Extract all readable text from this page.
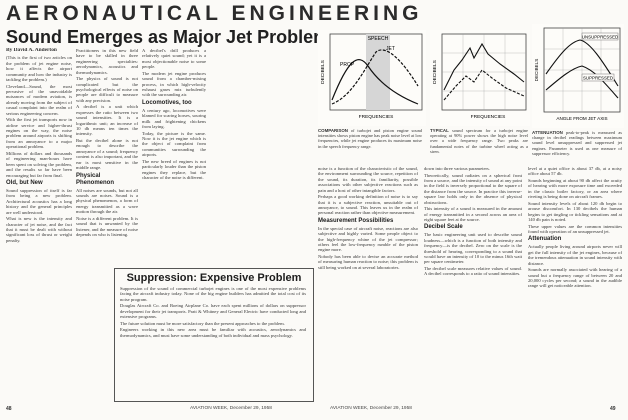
AERONAUTICAL ENGINEERING
Sound Emerges as Major Jet Problem
By David A. Anderton

(This is the first of two articles on the problem of jet engine noise, how it affects the airport community and how the industry is tackling the problem.)

Cleveland—Sound, the most pervasive of the unavoidable nuisances of modern aviation, is already moving from the subject of casual complaint into the realm of serious engineering concern.

With the first jet transports now in airline service and higher-thrust engines on the way, the noise problem around airports is shifting from an annoyance to a major operational problem.

Millions of dollars and thousands of engineering man-hours have been spent on solving the problem, and the results so far have been encouraging but far from final.

Old, but New

Sound suppression of itself is far from being a new problem. Architectural acoustics has a long history and the general principles are well understood.

What is new is the intensity and character of jet noise, and the fact that it must be dealt with without significant loss of thrust or weight penalty.

Practitioners in this new field have to be skilled in three engineering specialties: aerodynamics, acoustics and thermodynamics.

The physics of sound is not complicated but the psychological effects of noise on people are difficult to measure with any precision.

A decibel is a unit which expresses the ratio between two sound intensities. It is a logarithmic unit; an increase of 10 db means ten times the intensity.

But the decibel alone is not enough to describe the annoyance of a sound; frequency content is also important, and the ear is most sensitive in the middle range.

Physical Phenomenon

All noises are sounds, but not all sounds are noises. Sound is a physical phenomenon, a form of energy transmitted as a wave motion through the air.

Noise is a different problem. It is sound that is unwanted by the listener, and the measure of noise depends on who is listening.

A decibel's drill produces a relatively quiet sound; yet it is a most objectionable noise to some people.

The modern jet engine produces sound from a chamber-mixing process, in which high-velocity exhaust gases mix turbulently with the surrounding air.

Locomotives, too

A century ago, locomotives were blamed for scaring horses, souring milk and frightening chickens from laying.

Today, the picture is the same. Now it is the jet engine which is the object of complaint from communities surrounding the airports.

The new breed of engines is not particularly louder than the piston engines they replace, but the character of the noise is different.

Suppression: Expensive Problem

Suppression of the sound of commercial turbojet engines is one of the most expensive problems facing the aircraft industry today. None of the big engine builders has admitted the total cost of its noise program.

Douglas Aircraft Co. and Boeing Airplane Co. have each spent millions of dollars on suppressor development for their jet transports. Pratt & Whitney and General Electric have conducted long and extensive programs.

The future solution must be more satisfactory than the present approaches to the problem.

Engineers working in this new area must be familiar with acoustics, aerodynamics and thermodynamics, and must have some understanding of both individual and mass psychology.

SPEECH
JET
PROP
FREQUENCIES
DECIBELS
COMPARISON of turbojet and piston engine sound intensities shows piston engine has peak noise level at low frequencies, while jet engine produces its maximum noise in the speech frequency range.
FREQUENCIES
DECIBELS
TYPICAL sound spectrum for a turbojet engine operating at 90% power shows the high noise level over a wide frequency range. Two peaks are fundamental notes of the turbine wheel acting as a siren.
UNSUPPRESSED
SUPPRESSED
ANGLE FROM JET AXIS
DECIBELS
ATTENUATION peak-to-peak is measured as change in decibel readings between maximum sound level unsuppressed and suppressed jet engines. Parameter is used as one measure of suppressor efficiency.

noise is a function of the characteristic of the sound, the environment surrounding the source, repetition of the sound, its duration, its familiarity, possible associations with other subjective reactions such as pain and a host of other intangible factors.

Perhaps a good working definition of noise is to say that it is a subjective reaction, unsuitable out of annoyance, to sound. This leaves us in the realm of personal reaction rather than objective measurement.

Measurement Possibilities

In the special case of aircraft noise, reactions are also subjective and highly varied. Some people object to the high-frequency whine of the jet compressor; others feel the low-frequency rumble of the piston engine more.

Nobody has been able to devise an accurate method of measuring human reaction to noise; this problem is still being worked on at several laboratories.

down into three various parameters.

Theoretically, sound radiates on a spherical front from a source, and the intensity of sound at any point in the field is inversely proportional to the square of the distance from the source. In practice this inverse-square law holds only in the absence of physical obstructions.

This intensity of a sound is measured in the amount of energy transmitted in a second across an area of eight square feet at the source.

Decibel Scale

The basic engineering unit used to describe sound loudness—which is a function of both intensity and frequency—is the decibel. Zero on the scale is the threshold of hearing, corresponding to a sound that would have an intensity of 10 to the minus 16th watt per square centimeter.

The decibel scale measures relative values of sound. A decibel corresponds to a ratio of sound intensities.

level at a quiet office is about 37 db, at a noisy office about 57 db.

Sounds beginning at about 90 db affect the acuity of hearing with more exposure time and exceeded in the classic boiler factory, or an area where riveting is being done on aircraft frames.

Sound intensity levels of about 120 db begin to arouse discomfort. In 130 decibels the human begins to get tingling or tickling sensations and at 140 db pain is noted.

These upper values are the common intensities found with operation of an unsuppressed jet.

Attenuation

Actually people living around airports never will get the full intensity of the jet engines, because of the tremendous attenuation in sound intensity with distance.

Sounds are normally associated with hearing of a sound but a frequency range of between 20 and 20,000 cycles per second; a sound in the audible range will get noticeable attention.

48	AVIATION WEEK, December 29, 1958	AVIATION WEEK, December 29, 1958	49
